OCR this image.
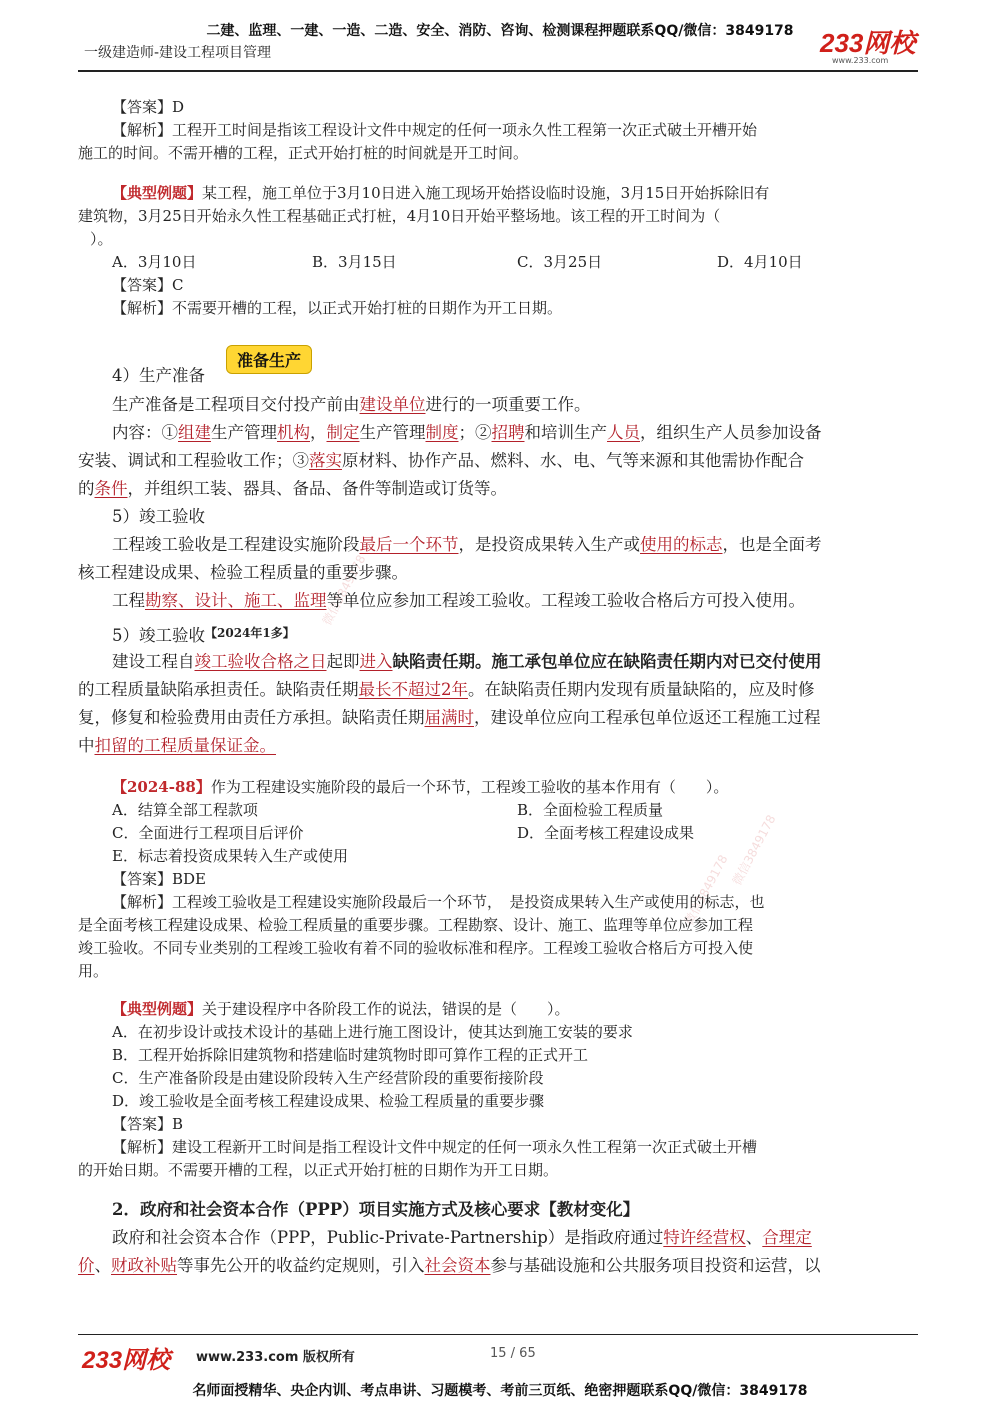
二建、监理、一建、一造、二造、安全、消防、咨询、检测课程押题联系QQ/微信：3849178
一级建造师-建设工程项目管理	233网校
www.233.com
微信3849178
微信3849178
微信3849178
【答案】D
【解析】工程开工时间是指该工程设计文件中规定的任何一项永久性工程第一次正式破土开槽开始
施工的时间。不需开槽的工程，正式开始打桩的时间就是开工时间。
【典型例题】某工程，施工单位于3月10日进入施工现场开始搭设临时设施，3月15日开始拆除旧有
建筑物，3月25日开始永久性工程基础正式打桩，4月10日开始平整场地。该工程的开工时间为（
）。
A．3月10日	B．3月15日	C．3月25日	D．4月10日
【答案】C
【解析】不需要开槽的工程，以正式开始打桩的日期作为开工日期。
准备生产
4）生产准备
生产准备是工程项目交付投产前由建设单位进行的一项重要工作。
内容：①组建生产管理机构，制定生产管理制度；②招聘和培训生产人员，组织生产人员参加设备
安装、调试和工程验收工作；③落实原材料、协作产品、燃料、水、电、气等来源和其他需协作配合
的条件，并组织工装、器具、备品、备件等制造或订货等。
5）竣工验收
工程竣工验收是工程建设实施阶段最后一个环节，是投资成果转入生产或使用的标志，也是全面考
核工程建设成果、检验工程质量的重要步骤。
工程勘察、设计、施工、监理等单位应参加工程竣工验收。工程竣工验收合格后方可投入使用。
5）竣工验收$^{【2024年1多】}$
建设工程自竣工验收合格之日起即进入缺陷责任期。施工承包单位应在缺陷责任期内对已交付使用
的工程质量缺陷承担责任。缺陷责任期最长不超过2年。在缺陷责任期内发现有质量缺陷的，应及时修
复，修复和检验费用由责任方承担。缺陷责任期届满时，建设单位应向工程承包单位返还工程施工过程
中扣留的工程质量保证金。
【2024-88】作为工程建设实施阶段的最后一个环节，工程竣工验收的基本作用有（　　）。
A．结算全部工程款项	B．全面检验工程质量
C．全面进行工程项目后评价	D．全面考核工程建设成果
E．标志着投资成果转入生产或使用
【答案】BDE
【解析】工程竣工验收是工程建设实施阶段最后一个环节，　是投资成果转入生产或使用的标志，也
是全面考核工程建设成果、检验工程质量的重要步骤。工程勘察、设计、施工、监理等单位应参加工程
竣工验收。不同专业类别的工程竣工验收有着不同的验收标准和程序。工程竣工验收合格后方可投入使
用。
【典型例题】关于建设程序中各阶段工作的说法，错误的是（　　）。
A．在初步设计或技术设计的基础上进行施工图设计，使其达到施工安装的要求
B．工程开始拆除旧建筑物和搭建临时建筑物时即可算作工程的正式开工
C．生产准备阶段是由建设阶段转入生产经营阶段的重要衔接阶段
D．竣工验收是全面考核工程建设成果、检验工程质量的重要步骤
【答案】B
【解析】建设工程新开工时间是指工程设计文件中规定的任何一项永久性工程第一次正式破土开槽
的开始日期。不需要开槽的工程，以正式开始打桩的日期作为开工日期。
2．政府和社会资本合作（PPP）项目实施方式及核心要求【教材变化】
政府和社会资本合作（PPP，Public-Private-Partnership）是指政府通过特许经营权、合理定
价、财政补贴等事先公开的收益约定规则，引入社会资本参与基础设施和公共服务项目投资和运营，以
233网校 www.233.com 版权所有	15 / 65
名师面授精华、央企内训、考点串讲、习题模考、考前三页纸、绝密押题联系QQ/微信：3849178
